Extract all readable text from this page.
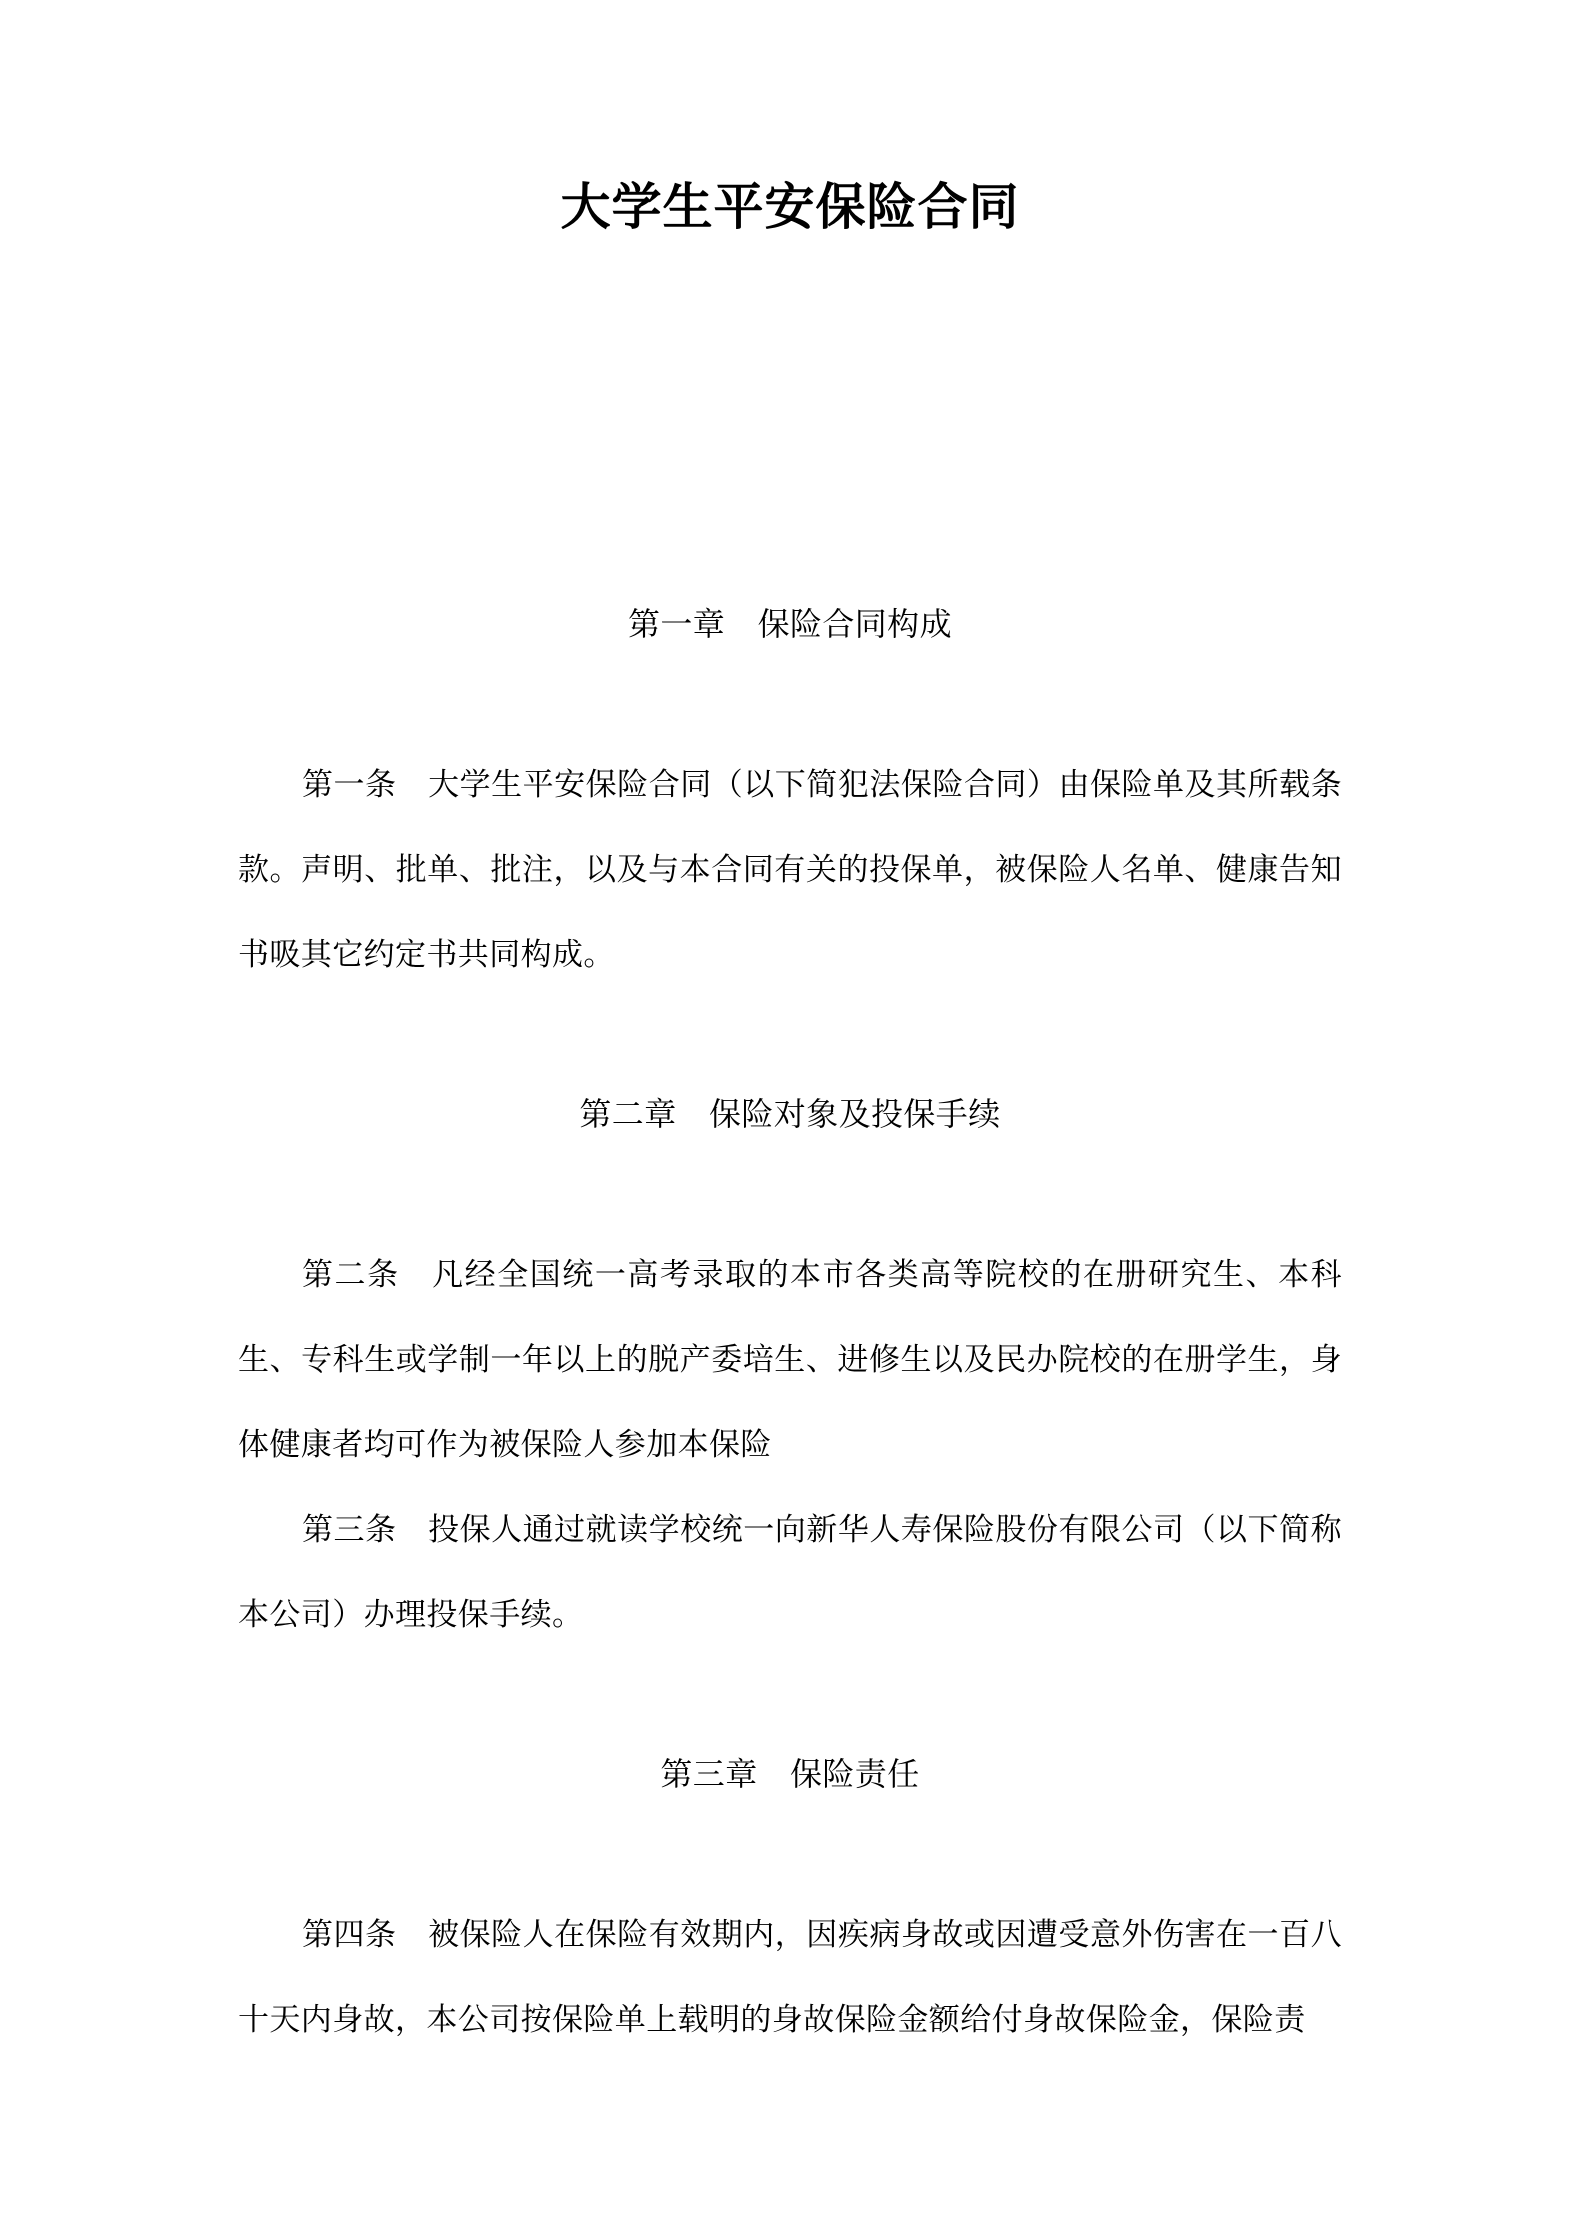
大学生平安保险合同
第一章　保险合同构成

第一条　大学生平安保险合同（以下简犯法保险合同）由保险单及其所载条款。声明、批单、批注，以及与本合同有关的投保单，被保险人名单、健康告知书吸其它约定书共同构成。

第二章　保险对象及投保手续

第二条　凡经全国统一高考录取的本市各类高等院校的在册研究生、本科生、专科生或学制一年以上的脱产委培生、进修生以及民办院校的在册学生，身体健康者均可作为被保险人参加本保险

第三条　投保人通过就读学校统一向新华人寿保险股份有限公司（以下简称本公司）办理投保手续。

第三章　保险责任

第四条　被保险人在保险有效期内，因疾病身故或因遭受意外伤害在一百八十天内身故，本公司按保险单上载明的身故保险金额给付身故保险金，保险责
